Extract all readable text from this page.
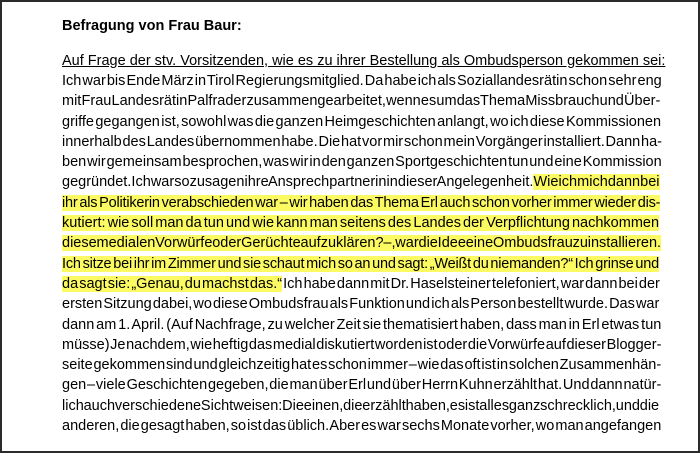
Befragung von Frau Baur:
Auf Frage der stv. Vorsitzenden, wie es zu ihrer Bestellung als Ombudsperson gekommen sei:
Ich war bis Ende März in Tirol Regierungsmitglied. Da habe ich als Soziallandesrätin schon sehr eng
mit Frau Landesrätin Palfrader zusammengearbeitet, wenn es um das Thema Missbrauch und Über-
griffe gegangen ist, sowohl was die ganzen Heimgeschichten anlangt, wo ich diese Kommissionen
innerhalb des Landes übernommen habe. Die hat vor mir schon mein Vorgänger installiert. Dann ha-
ben wir gemeinsam besprochen, was wir in den ganzen Sportgeschichten tun und eine Kommission
gegründet. Ich war sozusagen ihre Ansprechpartnerin in dieser Angelegenheit. Wie ich mich dann bei
ihr als Politikerin verabschieden war – wir haben das Thema Erl auch schon vorher immer wieder dis-
kutiert: wie soll man da tun und wie kann man seitens des Landes der Verpflichtung nachkommen
diese medialen Vorwürfe oder Gerüchte aufzuklären? –, war die Idee eine Ombudsfrau zu installieren.
Ich sitze bei ihr im Zimmer und sie schaut mich so an und sagt: „Weißt du niemanden?“ Ich grinse und
da sagt sie: „Genau, du machst das.“ Ich habe dann mit Dr. Haselsteiner telefoniert, war dann bei der
ersten Sitzung dabei, wo diese Ombudsfrau als Funktion und ich als Person bestellt wurde. Das war
dann am 1. April. (Auf Nachfrage, zu welcher Zeit sie thematisiert haben, dass man in Erl etwas tun
müsse) Je nachdem, wie heftig das medial diskutiert worden ist oder die Vorwürfe auf dieser Blogger-
seite gekommen sind und gleichzeitig hat es schon immer – wie das oft ist in solchen Zusammenhän-
gen – viele Geschichten gegeben, die man über Erl und über Herrn Kuhn erzählt hat. Und dann natür-
lich auch verschiedene Sichtweisen: Die einen, die erzählt haben, es ist alles ganz schrecklich, und die
anderen, die gesagt haben, so ist das üblich. Aber es war sechs Monate vorher, wo man angefangen
